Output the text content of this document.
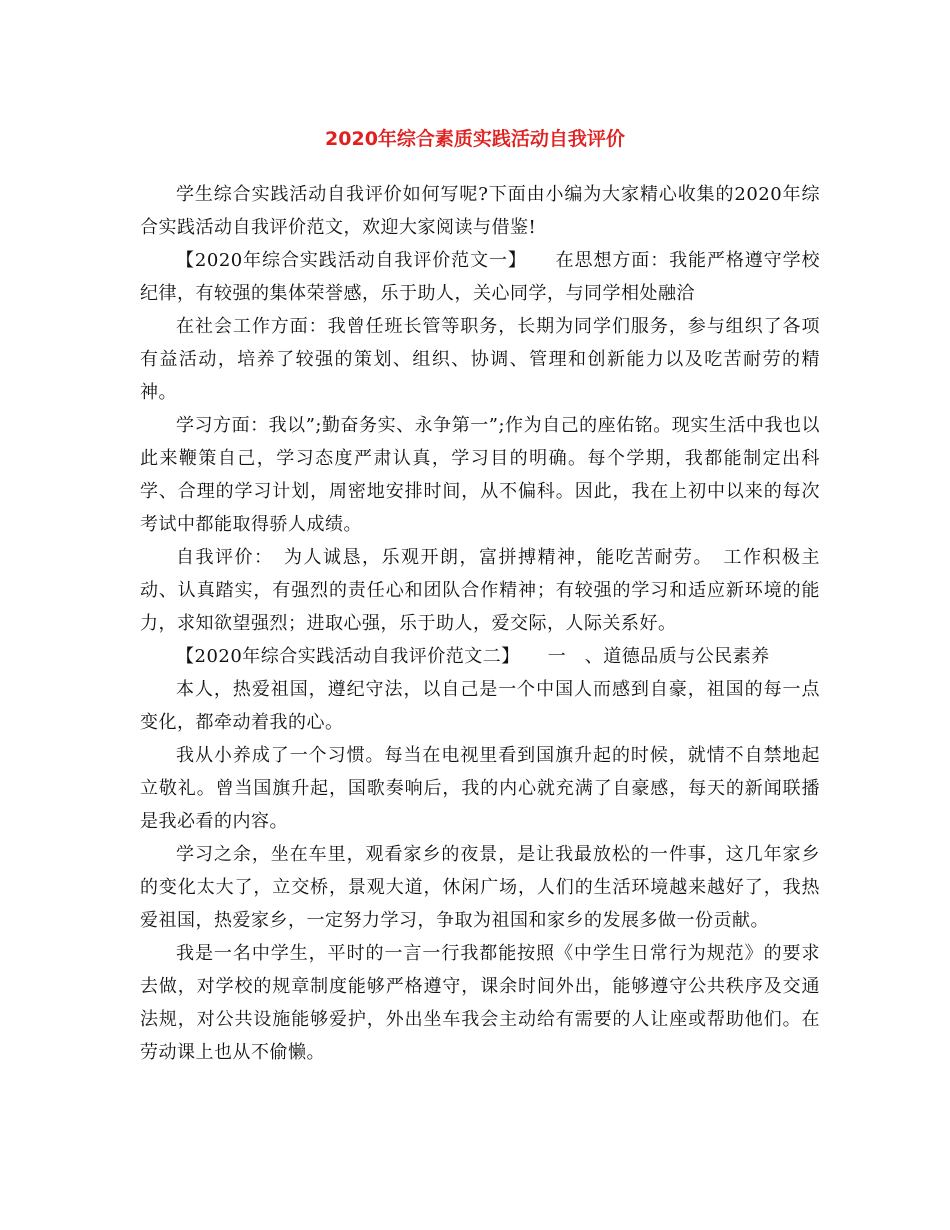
2020年综合素质实践活动自我评价

学生综合实践活动自我评价如何写呢?下面由小编为大家精心收集的2020年综合实践活动自我评价范文，欢迎大家阅读与借鉴!

【2020年综合实践活动自我评价范文一】　　在思想方面：我能严格遵守学校纪律，有较强的集体荣誉感，乐于助人，关心同学，与同学相处融洽

在社会工作方面：我曾任班长管等职务，长期为同学们服务，参与组织了各项有益活动，培养了较强的策划、组织、协调、管理和创新能力以及吃苦耐劳的精神。

学习方面：我以”;勤奋务实、永争第一”;作为自己的座佑铭。现实生活中我也以此来鞭策自己，学习态度严肃认真，学习目的明确。每个学期，我都能制定出科学、合理的学习计划，周密地安排时间，从不偏科。因此，我在上初中以来的每次考试中都能取得骄人成绩。

自我评价：　为人诚恳，乐观开朗，富拼搏精神，能吃苦耐劳。　工作积极主动、认真踏实，有强烈的责任心和团队合作精神；有较强的学习和适应新环境的能力，求知欲望强烈；进取心强，乐于助人，爱交际，人际关系好。

【2020年综合实践活动自我评价范文二】　　一　、道德品质与公民素养

本人，热爱祖国，遵纪守法，以自己是一个中国人而感到自豪，祖国的每一点变化，都牵动着我的心。

我从小养成了一个习惯。每当在电视里看到国旗升起的时候，就情不自禁地起立敬礼。曾当国旗升起，国歌奏响后，我的内心就充满了自豪感，每天的新闻联播是我必看的内容。

学习之余，坐在车里，观看家乡的夜景，是让我最放松的一件事，这几年家乡的变化太大了，立交桥，景观大道，休闲广场，人们的生活环境越来越好了，我热爱祖国，热爱家乡，一定努力学习，争取为祖国和家乡的发展多做一份贡献。

我是一名中学生，平时的一言一行我都能按照《中学生日常行为规范》的要求去做，对学校的规章制度能够严格遵守，课余时间外出，能够遵守公共秩序及交通法规，对公共设施能够爱护，外出坐车我会主动给有需要的人让座或帮助他们。在劳动课上也从不偷懒。
